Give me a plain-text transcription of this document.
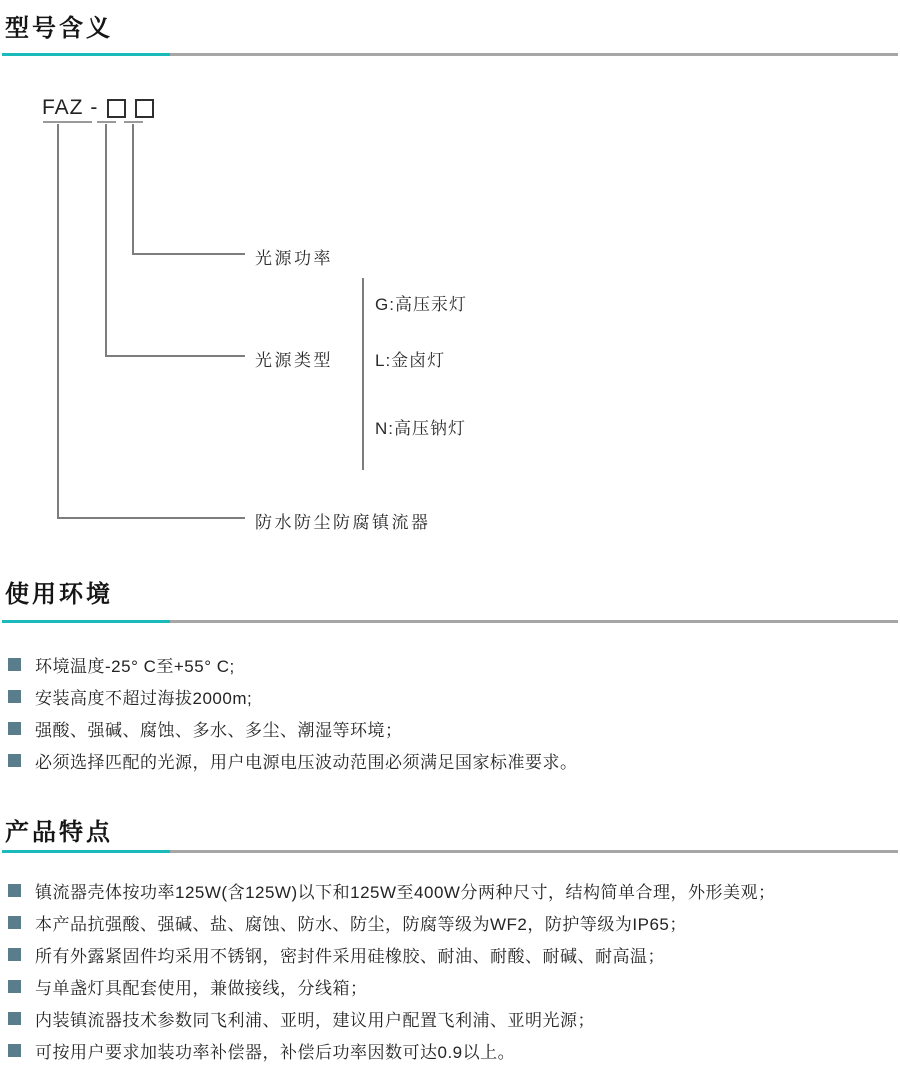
型号含义
FAZ -
光源功率
光源类型
防水防尘防腐镇流器
G:高压汞灯
L:金卤灯
N:高压钠灯
使用环境
环境温度-25° C至+55° C;
安装高度不超过海拔2000m;
强酸、强碱、腐蚀、多水、多尘、潮湿等环境；
必须选择匹配的光源，用户电源电压波动范围必须满足国家标准要求。
产品特点
镇流器壳体按功率125W(含125W)以下和125W至400W分两种尺寸，结构简单合理，外形美观；
本产品抗强酸、强碱、盐、腐蚀、防水、防尘，防腐等级为WF2，防护等级为IP65；
所有外露紧固件均采用不锈钢，密封件采用硅橡胶、耐油、耐酸、耐碱、耐高温；
与单盏灯具配套使用，兼做接线，分线箱；
内装镇流器技术参数同飞利浦、亚明，建议用户配置飞利浦、亚明光源；
可按用户要求加装功率补偿器，补偿后功率因数可达0.9以上。
